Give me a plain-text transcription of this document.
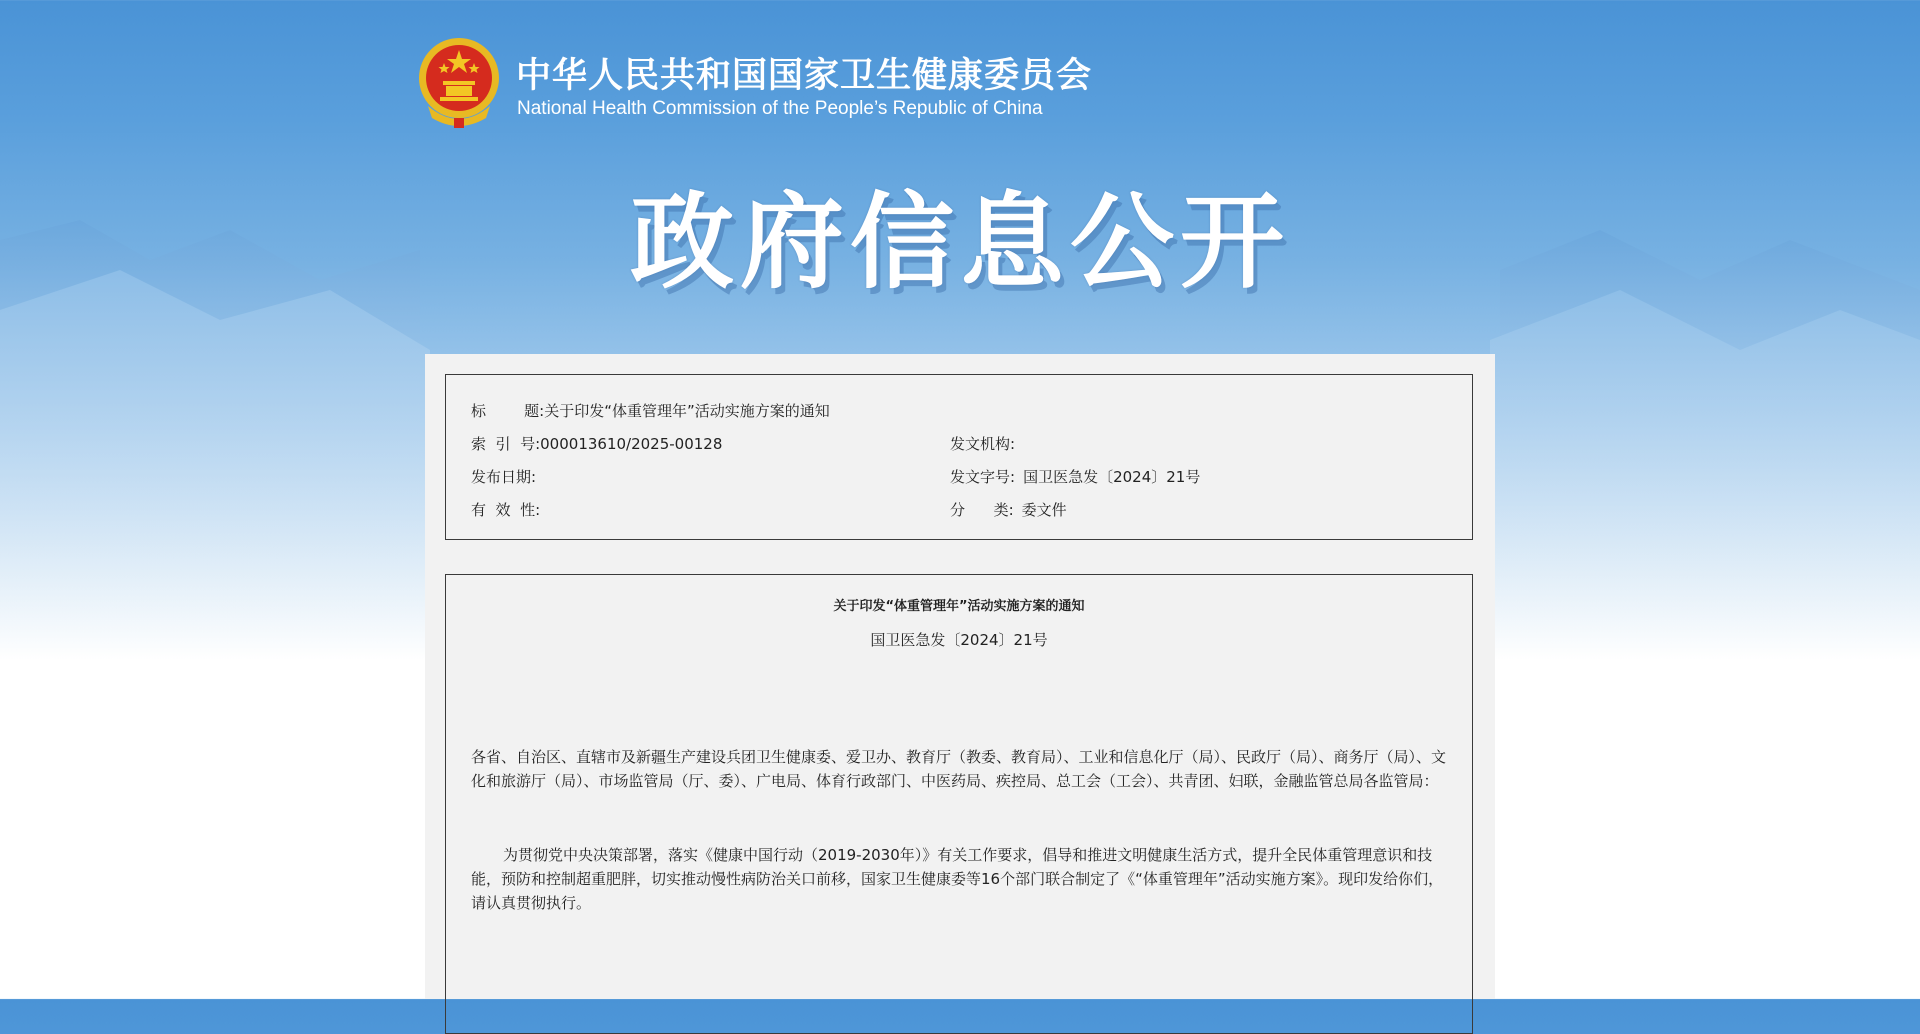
中华人民共和国国家卫生健康委员会
National Health Commission of the People’s Republic of China
政府信息公开
标        题:关于印发“体重管理年”活动实施方案的通知
索  引  号:000013610/2025-00128	发文机构:
发布日期:	发文字号: 国卫医急发〔2024〕21号
有  效  性:	分      类: 委文件
关于印发“体重管理年”活动实施方案的通知
国卫医急发〔2024〕21号
各省、自治区、直辖市及新疆生产建设兵团卫生健康委、爱卫办、教育厅（教委、教育局）、工业和信息化厅（局）、民政厅（局）、商务厅（局）、文化和旅游厅（局）、市场监管局（厅、委）、广电局、体育行政部门、中医药局、疾控局、总工会（工会）、共青团、妇联，金融监管总局各监管局：
为贯彻党中央决策部署，落实《健康中国行动（2019-2030年）》有关工作要求，倡导和推进文明健康生活方式，提升全民体重管理意识和技能，预防和控制超重肥胖，切实推动慢性病防治关口前移，国家卫生健康委等16个部门联合制定了《“体重管理年”活动实施方案》。现印发给你们，请认真贯彻执行。
